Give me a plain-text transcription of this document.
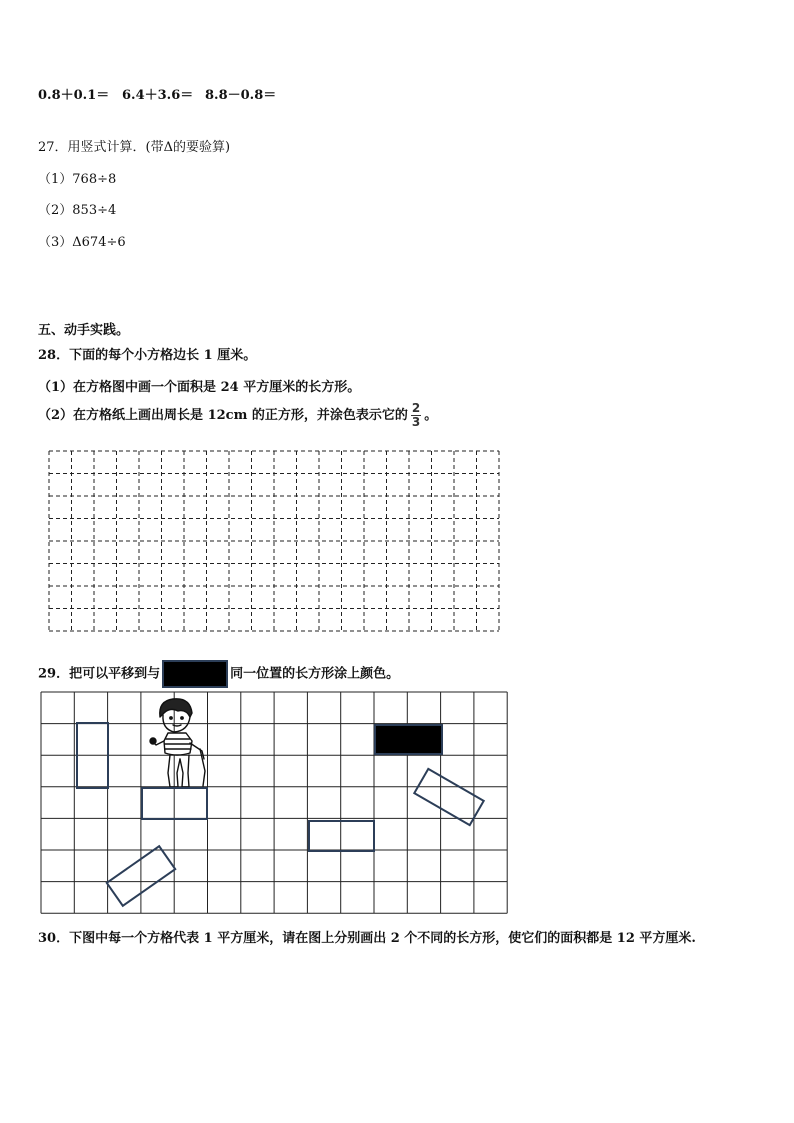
0.8＋0.1＝ 6.4＋3.6＝ 8.8－0.8＝
27．用竖式计算．(带Δ的要验算)
（1）768÷8
（2）853÷4
（3）Δ674÷6
五、动手实践。
28．下面的每个小方格边长 1 厘米。
（1）在方格图中画一个面积是 24 平方厘米的长方形。
（2）在方格纸上画出周长是 12cm 的正方形，并涂色表示它的 $\frac{2}{3}$ 。
29．把可以平移到与	同一位置的长方形涂上颜色。
30．下图中每一个方格代表 1 平方厘米，请在图上分别画出 2 个不同的长方形，使它们的面积都是 12 平方厘米.
